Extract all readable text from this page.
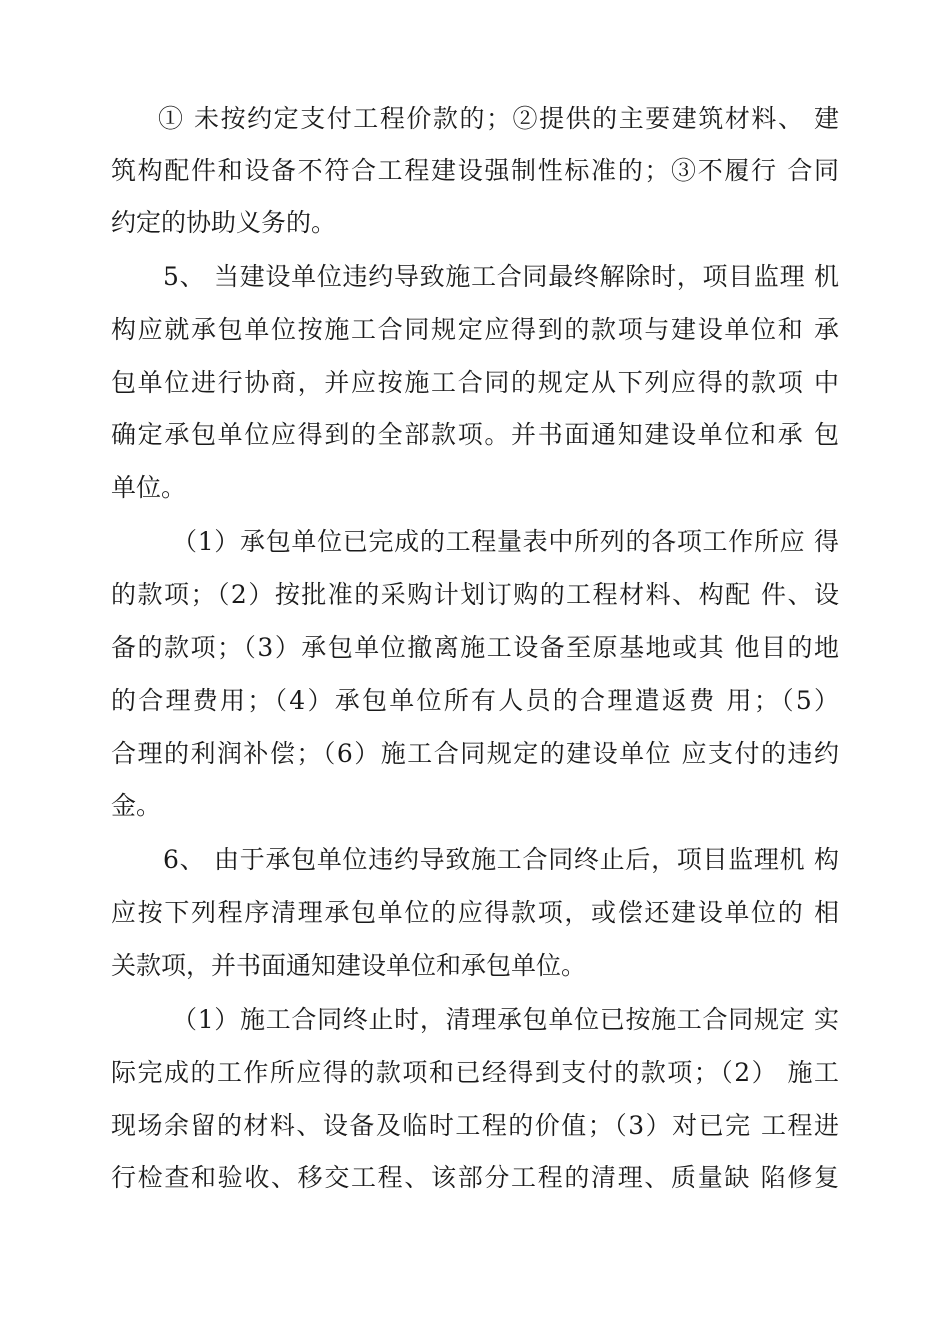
① 未按约定支付工程价款的；②提供的主要建筑材料、 建
筑构配件和设备不符合工程建设强制性标准的；③不履行 合同
约定的协助义务的。
5、 当建设单位违约导致施工合同最终解除时，项目监理 机
构应就承包单位按施工合同规定应得到的款项与建设单位和 承
包单位进行协商，并应按施工合同的规定从下列应得的款项 中
确定承包单位应得到的全部款项。并书面通知建设单位和承 包
单位。
（1）承包单位已完成的工程量表中所列的各项工作所应 得
的款项；（2）按批准的采购计划订购的工程材料、构配 件、设
备的款项；（3）承包单位撤离施工设备至原基地或其 他目的地
的合理费用；（4）承包单位所有人员的合理遣返费 用；（5）
合理的利润补偿；（6）施工合同规定的建设单位 应支付的违约
金。
6、 由于承包单位违约导致施工合同终止后，项目监理机 构
应按下列程序清理承包单位的应得款项，或偿还建设单位的 相
关款项，并书面通知建设单位和承包单位。
（1）施工合同终止时，清理承包单位已按施工合同规定 实
际完成的工作所应得的款项和已经得到支付的款项；（2） 施工
现场余留的材料、设备及临时工程的价值；（3）对已完 工程进
行检查和验收、移交工程、该部分工程的清理、质量缺 陷修复
